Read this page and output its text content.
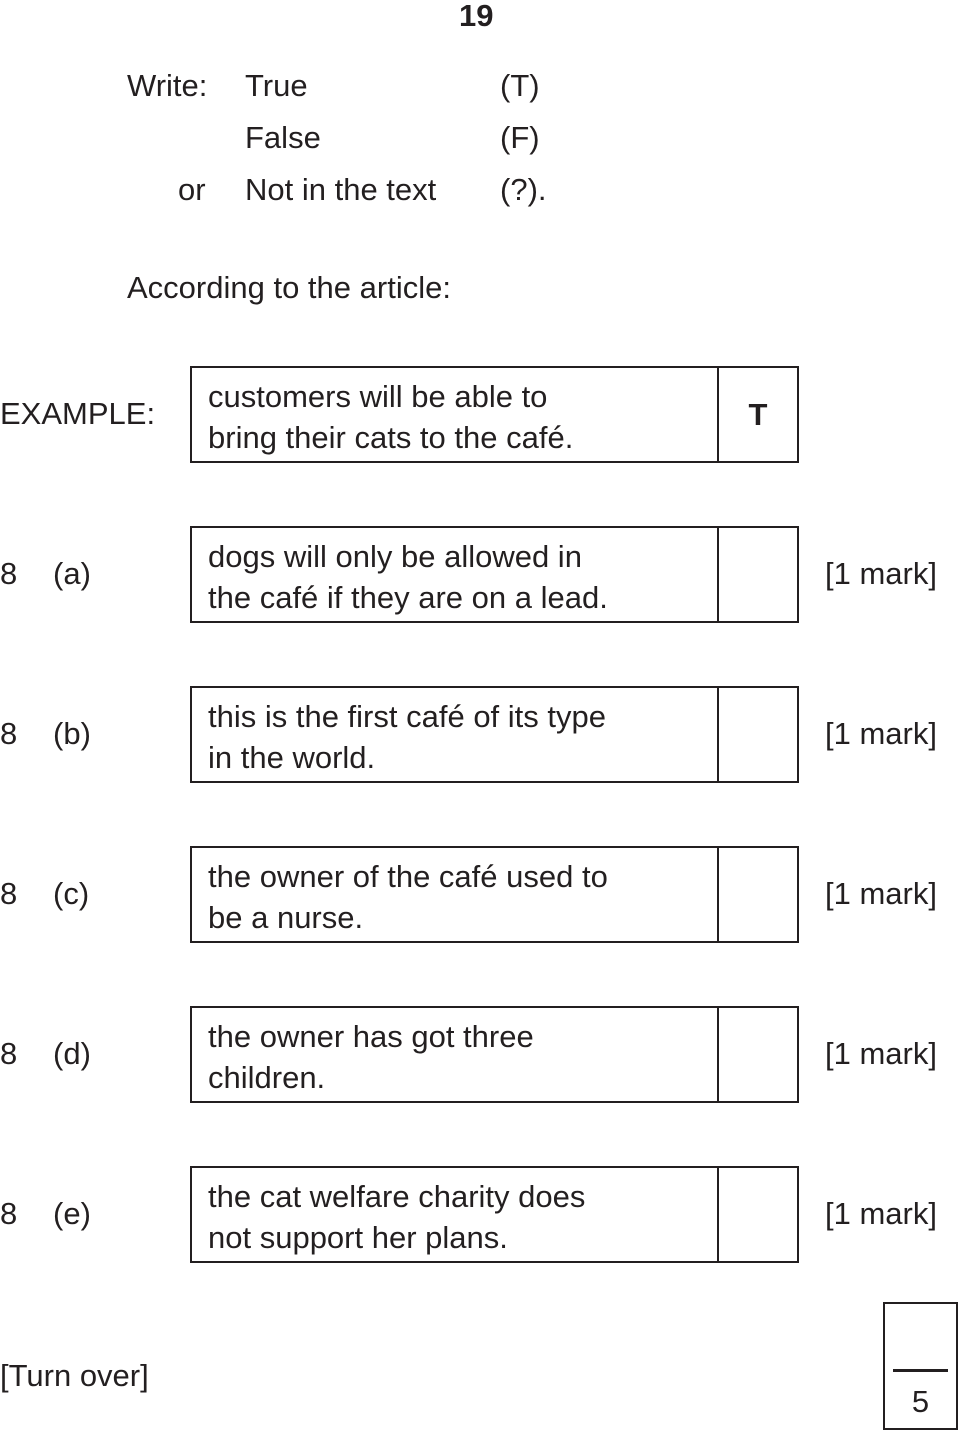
19
Write: True	(T)
False	(F)
or Not in the text (?).
According to the article:
EXAMPLE: customers will be able to
bring their cats to the café.
T
8 (a)	dogs will only be allowed in
the café if they are on a lead.
[1 mark]
8 (b)	this is the first café of its type
in the world.
[1 mark]
8 (c)	the owner of the café used to
be a nurse.
[1 mark]
8 (d)	the owner has got three
children.
[1 mark]
8 (e)	the cat welfare charity does
not support her plans.
[1 mark]
[Turn over]
5
